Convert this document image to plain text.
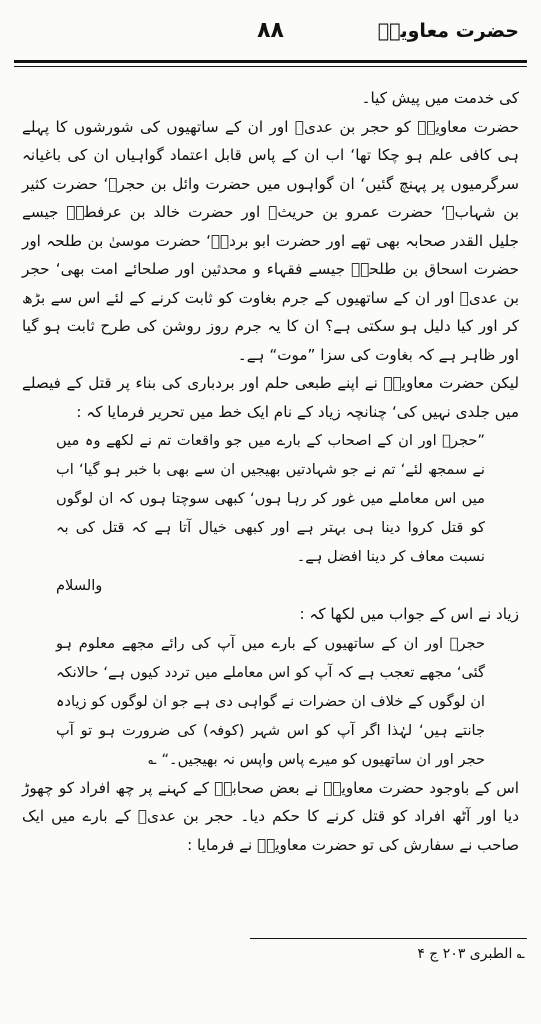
حضرت معاویہؓ
۸۸

کی خدمت میں پیش کیا۔

حضرت معاویہؓ کو حجر بن عدیؓ اور ان کے ساتھیوں کی شورشوں کا پہلے ہی کافی علم ہو چکا تھا‘ اب ان کے پاس قابل اعتماد گواہیاں ان کی باغیانہ سرگرمیوں پر پہنچ گئیں‘ ان گواہوں میں حضرت وائل بن حجرؓ‘ حضرت کثیر بن شہابؓ‘ حضرت عمرو بن حریثؓ اور حضرت خالد بن عرفطہؓ جیسے جلیل القدر صحابہ بھی تھے اور حضرت ابو بردہؓ‘ حضرت موسیٰ بن طلحہ اور حضرت اسحاق بن طلحہؒ جیسے فقہاء و محدثین اور صلحائے امت بھی‘ حجر بن عدیؓ اور ان کے ساتھیوں کے جرم بغاوت کو ثابت کرنے کے لئے اس سے بڑھ کر اور کیا دلیل ہو سکتی ہے؟ ان کا یہ جرم روز روشن کی طرح ثابت ہو گیا اور ظاہر ہے کہ بغاوت کی سزا ”موت“ ہے۔

لیکن حضرت معاویہؓ نے اپنے طبعی حلم اور بردباری کی بناء پر قتل کے فیصلے میں جلدی نہیں کی‘ چنانچہ زیاد کے نام ایک خط میں تحریر فرمایا کہ :

”حجرؓ اور ان کے اصحاب کے بارے میں جو واقعات تم نے لکھے وہ میں نے سمجھ لئے‘ تم نے جو شہادتیں بھیجیں ان سے بھی با خبر ہو گیا‘ اب میں اس معاملے میں غور کر رہا ہوں‘ کبھی سوچتا ہوں کہ ان لوگوں کو قتل کروا دینا ہی بہتر ہے اور کبھی خیال آتا ہے کہ قتل کی بہ نسبت معاف کر دینا افضل ہے۔

والسلام

زیاد نے اس کے جواب میں لکھا کہ :

حجرؓ اور ان کے ساتھیوں کے بارے میں آپ کی رائے مجھے معلوم ہو گئی‘ مجھے تعجب ہے کہ آپ کو اس معاملے میں تردد کیوں ہے‘ حالانکہ ان لوگوں کے خلاف ان حضرات نے گواہی دی ہے جو ان لوگوں کو زیادہ جانتے ہیں‘ لہٰذا اگر آپ کو اس شہر (کوفہ) کی ضرورت ہو تو آپ حجر اور ان ساتھیوں کو میرے پاس واپس نہ بھیجیں۔“ ؎

اس کے باوجود حضرت معاویہؓ نے بعض صحابہؓ کے کہنے پر چھ افراد کو چھوڑ دیا اور آٹھ افراد کو قتل کرنے کا حکم دیا۔ حجر بن عدیؓ کے بارے میں ایک صاحب نے سفارش کی تو حضرت معاویہؓ نے فرمایا :

؎ الطبری ۲۰۳ ج ۴
